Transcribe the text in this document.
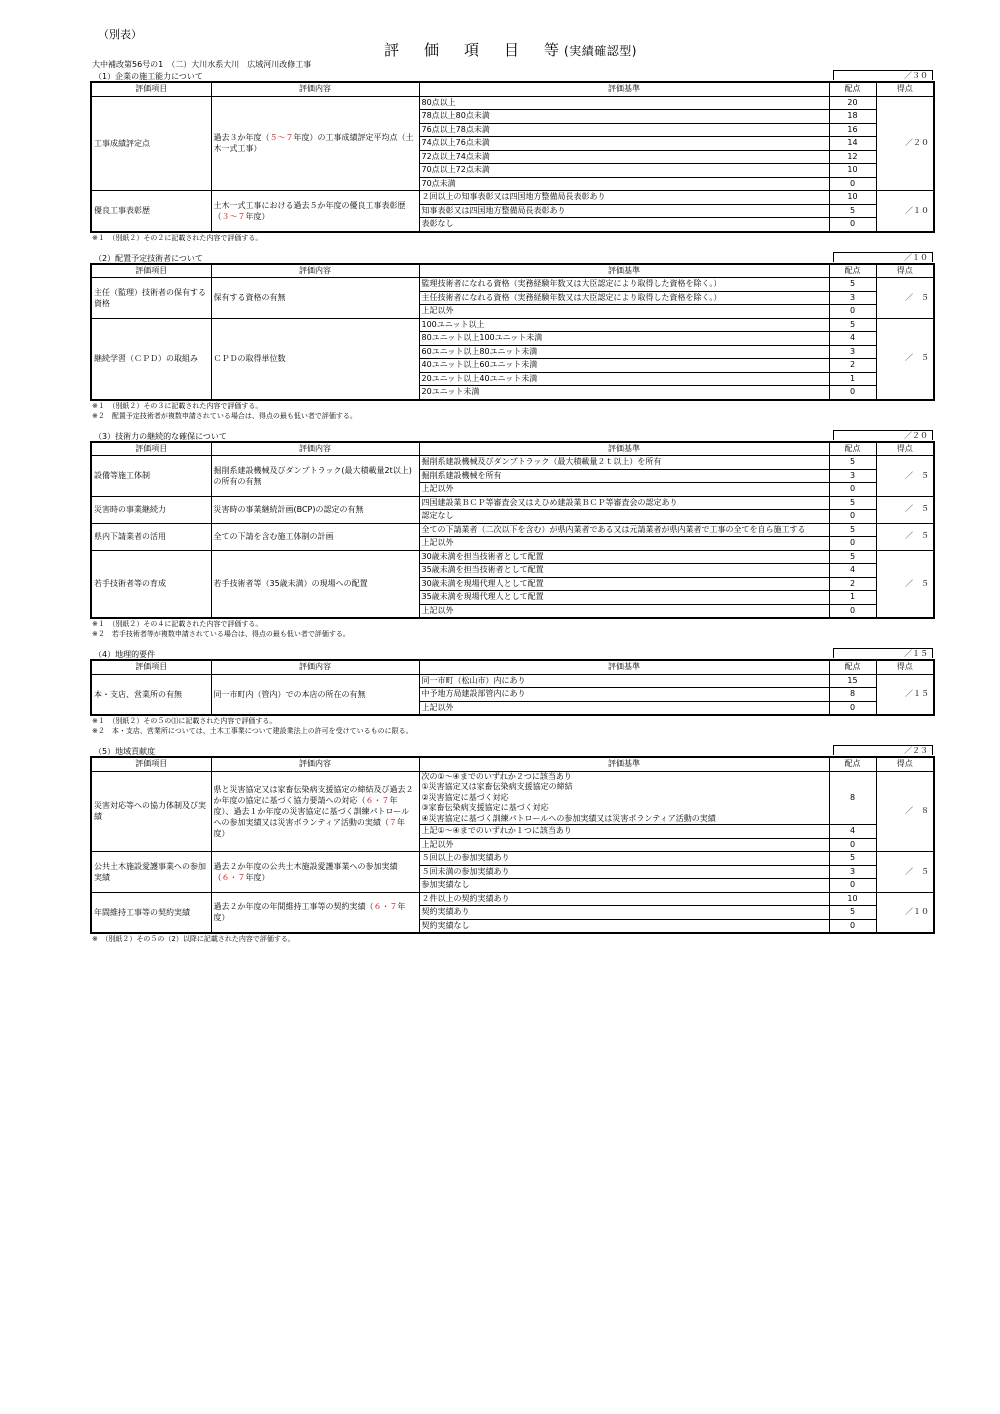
（別表）
評　価　項　目　等(実績確認型)
大中補改第56号の1　（二）大川水系大川　広域河川改修工事
（1）企業の施工能力について	／３０
評価項目	評価内容	評価基準	配点	得点
工事成績評定点	過去３か年度（５～７年度）の工事成績評定平均点（土木一式工事）	80点以上	20	／２０
		78点以上80点未満	18	
		76点以上78点未満	16	
		74点以上76点未満	14	
		72点以上74点未満	12	
		70点以上72点未満	10	
		70点未満	0	
優良工事表彰歴	土木一式工事における過去５か年度の優良工事表彰歴（３～７年度）	２回以上の知事表彰又は四国地方整備局長表彰あり	10	／１０
		知事表彰又は四国地方整備局長表彰あり	5	
		表彰なし	0	
※１　（別紙２）その２に記載された内容で評価する。
（2）配置予定技術者について	／１０
評価項目	評価内容	評価基準	配点	得点
主任（監理）技術者の保有する資格	保有する資格の有無	監理技術者になれる資格（実務経験年数又は大臣認定により取得した資格を除く。）	5	／　５
		主任技術者になれる資格（実務経験年数又は大臣認定により取得した資格を除く。）	3	
		上記以外	0	
継続学習（ＣＰＤ）の取組み	ＣＰＤの取得単位数	100ユニット以上	5	／　５
		80ユニット以上100ユニット未満	4	
		60ユニット以上80ユニット未満	3	
		40ユニット以上60ユニット未満	2	
		20ユニット以上40ユニット未満	1	
		20ユニット未満	0	
※１　（別紙２）その３に記載された内容で評価する。
※２　配置予定技術者が複数申請されている場合は、得点の最も低い者で評価する。
（3）技術力の継続的な確保について	／２０
評価項目	評価内容	評価基準	配点	得点
設備等施工体制	掘削系建設機械及びダンプトラック(最大積載量2t以上)の所有の有無	掘削系建設機械及びダンプトラック（最大積載量２ｔ以上）を所有	5	／　５
		掘削系建設機械を所有	3	
		上記以外	0	
災害時の事業継続力	災害時の事業継続計画(BCP)の認定の有無	四国建設業ＢＣＰ等審査会又はえひめ建設業ＢＣＰ等審査会の認定あり	5	／　５
		認定なし	0	
県内下請業者の活用	全ての下請を含む施工体制の計画	全ての下請業者（二次以下を含む）が県内業者である又は元請業者が県内業者で工事の全てを自ら施工する	5	／　５
		上記以外	0	
若手技術者等の育成	若手技術者等（35歳未満）の現場への配置	30歳未満を担当技術者として配置	5	／　５
		35歳未満を担当技術者として配置	4	
		30歳未満を現場代理人として配置	2	
		35歳未満を現場代理人として配置	1	
		上記以外	0	
※１　（別紙２）その４に記載された内容で評価する。
※２　若手技術者等が複数申請されている場合は、得点の最も低い者で評価する。
（4）地理的要件	／１５
評価項目	評価内容	評価基準	配点	得点
本・支店、営業所の有無	同一市町内（管内）での本店の所在の有無	同一市町（松山市）内にあり	15	／１５
		中予地方局建設部管内にあり	8	
		上記以外	0	
※１　（別紙２）その５の⑴に記載された内容で評価する。
※２　本・支店、営業所については、土木工事業について建設業法上の許可を受けているものに限る。
（5）地域貢献度	／２３
評価項目	評価内容	評価基準	配点	得点
災害対応等への協力体制及び実績	県と災害協定又は家畜伝染病支援協定の締結及び過去２か年度の協定に基づく協力要請への対応（６・７年度）、過去１か年度の災害協定に基づく訓練パトロールへの参加実績又は災害ボランティア活動の実績（７年度）	次の①～④までのいずれか２つに該当あり
①災害協定又は家畜伝染病支援協定の締結
②災害協定に基づく対応
③家畜伝染病支援協定に基づく対応
④災害協定に基づく訓練パトロールへの参加実績又は災害ボランティア活動の実績	8	／　８
		上記①～④までのいずれか１つに該当あり	4	
		上記以外	0	
公共土木施設愛護事業への参加実績	過去２か年度の公共土木施設愛護事業への参加実績（６・７年度）	５回以上の参加実績あり	5	／　５
		５回未満の参加実績あり	3	
		参加実績なし	0	
年間維持工事等の契約実績	過去２か年度の年間維持工事等の契約実績（６・７年度）	２件以上の契約実績あり	10	／１０
		契約実績あり	5	
		契約実績なし	0	
※　（別紙２）その５の（2）以降に記載された内容で評価する。
